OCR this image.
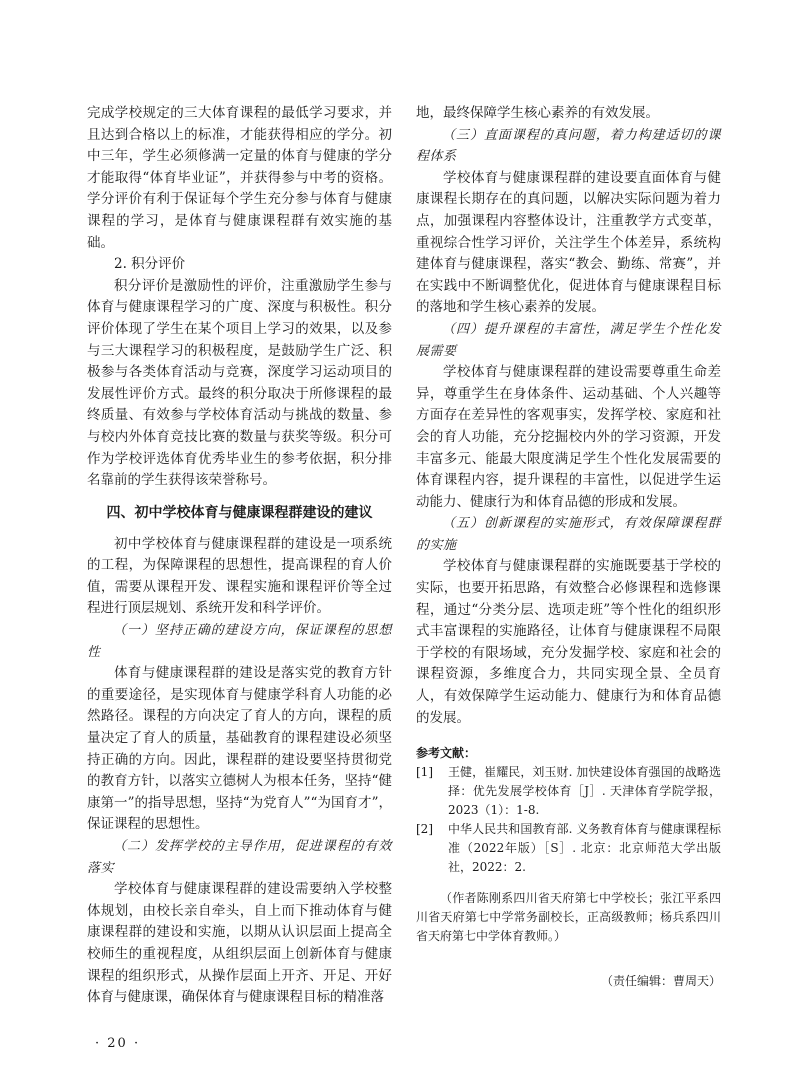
完成学校规定的三大体育课程的最低学习要求，并且达到合格以上的标准，才能获得相应的学分。初中三年，学生必须修满一定量的体育与健康的学分才能取得“体育毕业证”，并获得参与中考的资格。学分评价有利于保证每个学生充分参与体育与健康课程的学习，是体育与健康课程群有效实施的基础。

2. 积分评价

积分评价是激励性的评价，注重激励学生参与体育与健康课程学习的广度、深度与积极性。积分评价体现了学生在某个项目上学习的效果，以及参与三大课程学习的积极程度，是鼓励学生广泛、积极参与各类体育活动与竞赛，深度学习运动项目的发展性评价方式。最终的积分取决于所修课程的最终质量、有效参与学校体育活动与挑战的数量、参与校内外体育竞技比赛的数量与获奖等级。积分可作为学校评选体育优秀毕业生的参考依据，积分排名靠前的学生获得该荣誉称号。

四、初中学校体育与健康课程群建设的建议

初中学校体育与健康课程群的建设是一项系统的工程，为保障课程的思想性，提高课程的育人价值，需要从课程开发、课程实施和课程评价等全过程进行顶层规划、系统开发和科学评价。

（一）坚持正确的建设方向，保证课程的思想性

体育与健康课程群的建设是落实党的教育方针的重要途径，是实现体育与健康学科育人功能的必然路径。课程的方向决定了育人的方向，课程的质量决定了育人的质量，基础教育的课程建设必须坚持正确的方向。因此，课程群的建设要坚持贯彻党的教育方针，以落实立德树人为根本任务，坚持“健康第一”的指导思想，坚持“为党育人”“为国育才”，保证课程的思想性。

（二）发挥学校的主导作用，促进课程的有效落实

学校体育与健康课程群的建设需要纳入学校整体规划，由校长亲自牵头，自上而下推动体育与健康课程群的建设和实施，以期从认识层面上提高全校师生的重视程度，从组织层面上创新体育与健康课程的组织形式，从操作层面上开齐、开足、开好体育与健康课，确保体育与健康课程目标的精准落

地，最终保障学生核心素养的有效发展。

（三）直面课程的真问题，着力构建适切的课程体系

学校体育与健康课程群的建设要直面体育与健康课程长期存在的真问题，以解决实际问题为着力点，加强课程内容整体设计，注重教学方式变革，重视综合性学习评价，关注学生个体差异，系统构建体育与健康课程，落实“教会、勤练、常赛”，并在实践中不断调整优化，促进体育与健康课程目标的落地和学生核心素养的发展。

（四）提升课程的丰富性，满足学生个性化发展需要

学校体育与健康课程群的建设需要尊重生命差异，尊重学生在身体条件、运动基础、个人兴趣等方面存在差异性的客观事实，发挥学校、家庭和社会的育人功能，充分挖掘校内外的学习资源，开发丰富多元、能最大限度满足学生个性化发展需要的体育课程内容，提升课程的丰富性，以促进学生运动能力、健康行为和体育品德的形成和发展。

（五）创新课程的实施形式，有效保障课程群的实施

学校体育与健康课程群的实施既要基于学校的实际，也要开拓思路，有效整合必修课程和选修课程，通过“分类分层、选项走班”等个性化的组织形式丰富课程的实施路径，让体育与健康课程不局限于学校的有限场域，充分发掘学校、家庭和社会的课程资源，多维度合力，共同实现全景、全员育人，有效保障学生运动能力、健康行为和体育品德的发展。

参考文献：

[1] 王健，崔耀民，刘玉财. 加快建设体育强国的战略选择：优先发展学校体育［J］. 天津体育学院学报，2023（1）：1-8.
[2] 中华人民共和国教育部. 义务教育体育与健康课程标准（2022年版）［S］. 北京：北京师范大学出版社，2022：2.

（作者陈刚系四川省天府第七中学校长；张江平系四川省天府第七中学常务副校长，正高级教师；杨兵系四川省天府第七中学体育教师。）

（责任编辑：曹周天）

· 20 ·
